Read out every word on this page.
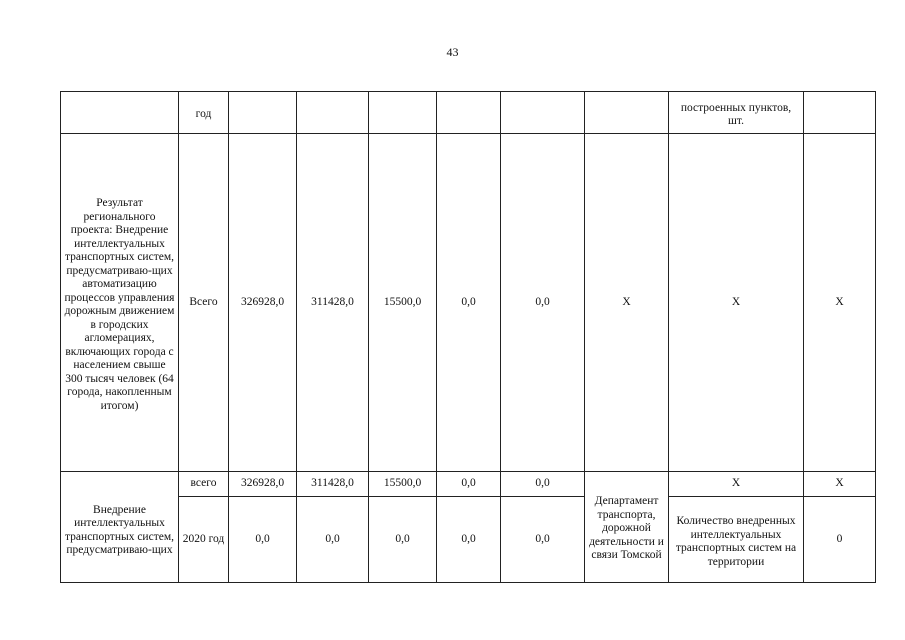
43
	год							построенных пунктов, шт.	
Результат регионального проекта: Внедрение интеллектуальных транспортных систем, предусматриваю-щих автоматизацию процессов управления дорожным движением в городских агломерациях, включающих города с населением свыше 300 тысяч человек (64 города, накопленным итогом)	Всего	326928,0	311428,0	15500,0	0,0	0,0	Х	Х	Х
Внедрение интеллектуальных транспортных систем, предусматриваю-щих	всего	326928,0	311428,0	15500,0	0,0	0,0	Департамент транспорта, дорожной деятельности и связи Томской	Х	Х
	2020 год	0,0	0,0	0,0	0,0	0,0		Количество внедренных интеллектуальных транспортных систем на территории	0
